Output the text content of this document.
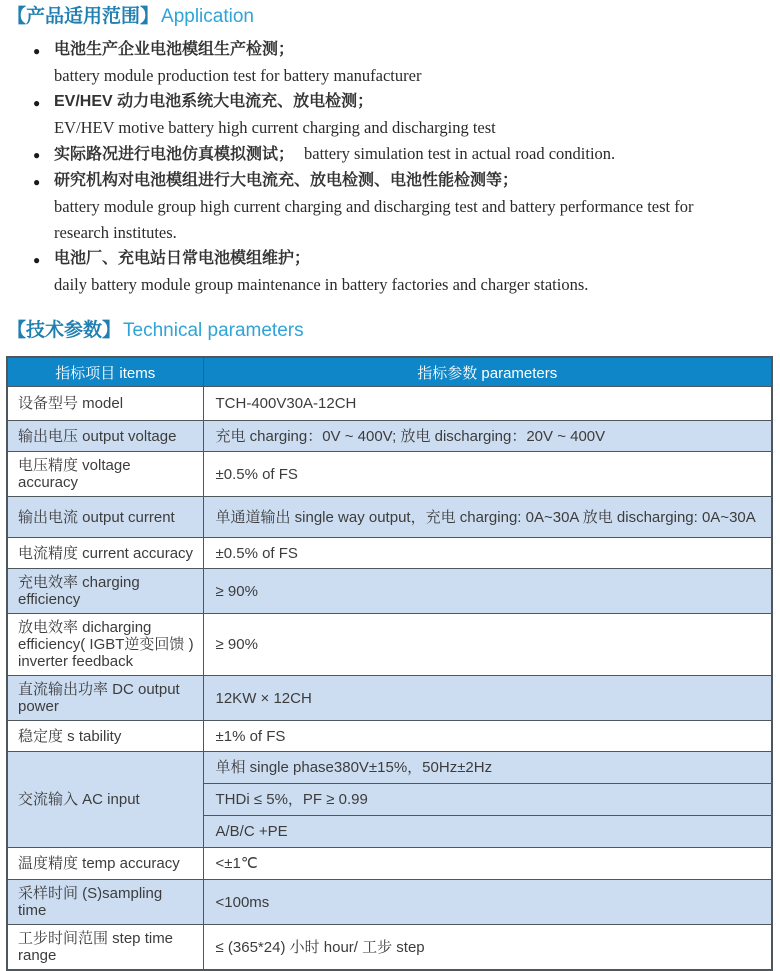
【产品适用范围】 Application
● 电池生产企业电池模组生产检测；
battery module production test for battery manufacturer
● EV/HEV 动力电池系统大电流充、放电检测；
EV/HEV motive battery high current charging and discharging test
● 实际路况进行电池仿真模拟测试； battery simulation test in actual road condition.
● 研究机构对电池模组进行大电流充、放电检测、电池性能检测等；
battery module group high current charging and discharging test and battery performance test for research institutes.
● 电池厂、充电站日常电池模组维护；
daily battery module group maintenance in battery factories and charger stations.
【技术参数】 Technical parameters
指标项目 items	指标参数 parameters
设备型号 model	TCH-400V30A-12CH
输出电压 output voltage	充电 charging：0V ~ 400V; 放电 discharging：20V ~ 400V
电压精度 voltage accuracy	±0.5% of FS
输出电流 output current	单通道输出 single way output，充电 charging: 0A~30A 放电 discharging: 0A~30A
电流精度 current accuracy	±0.5% of FS
充电效率 charging efficiency	≥ 90%
放电效率 dicharging efficiency( IGBT逆变回馈 ) inverter feedback	≥ 90%
直流输出功率 DC output power	12KW × 12CH
稳定度 s tability	±1% of FS
交流输入 AC input	单相 single phase380V±15%，50Hz±2Hz
	THDi ≤ 5%，PF ≥ 0.99
	A/B/C +PE
温度精度 temp accuracy	<±1℃
采样时间 (S)sampling time	<100ms
工步时间范围 step time range	≤ (365*24) 小时 hour/ 工步 step
